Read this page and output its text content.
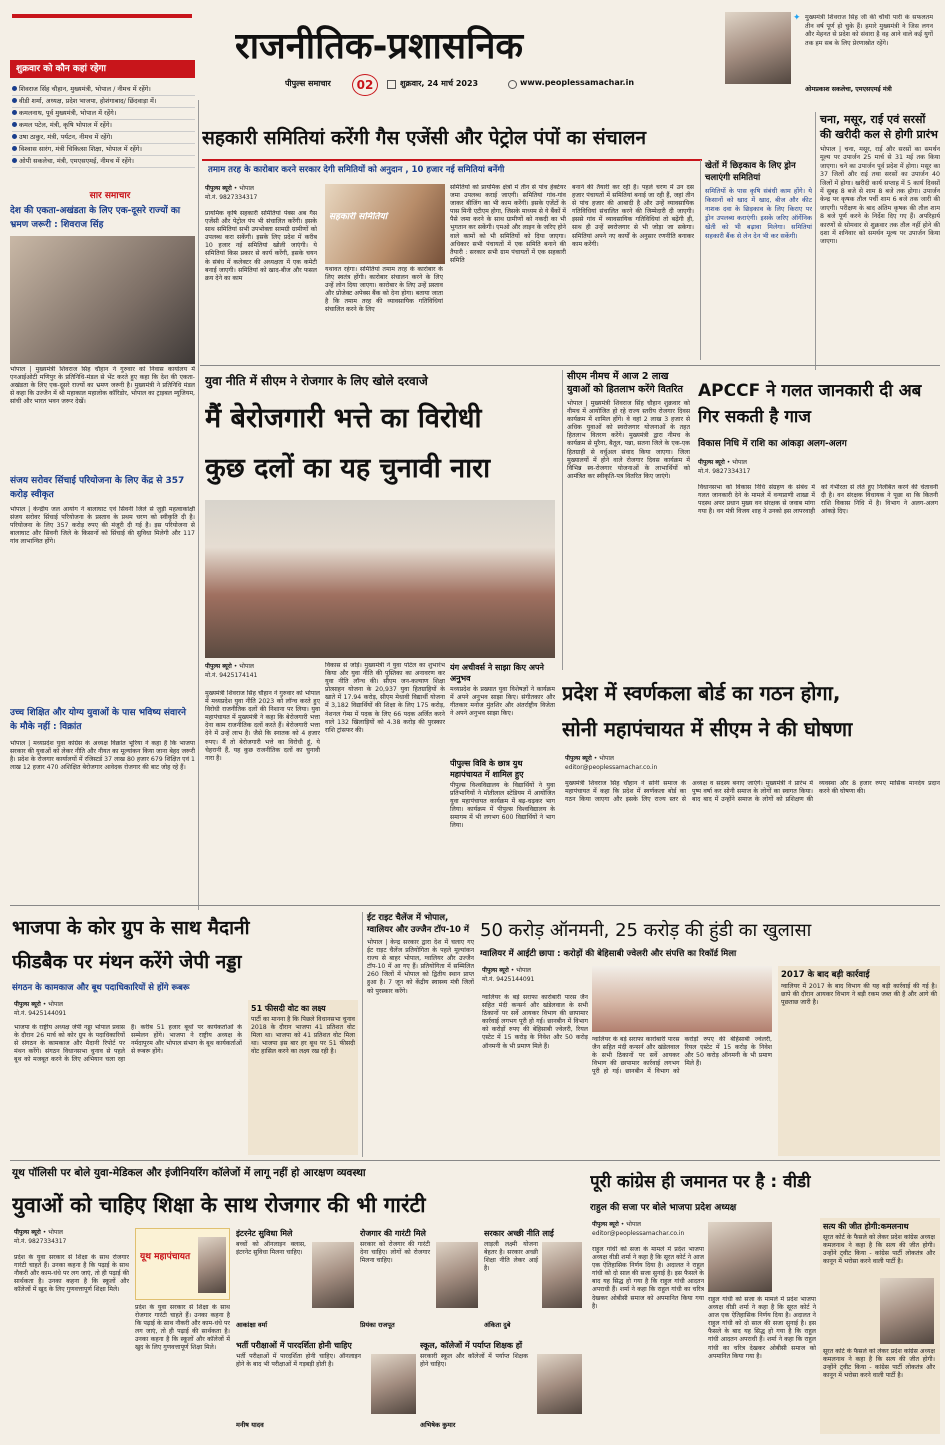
राजनीतिक-प्रशासनिक
पीपुल्स समाचार	02	शुक्रवार, 24 मार्च 2023	www.peoplessamachar.in
✦ मुख्यमंत्री शिवराज सिंह जी की चौथी पारी के सफलतम तीन वर्ष पूर्ण हो चुके हैं। हमारे मुख्यमंत्री ने जिस लगन और मेहनत से प्रदेश को संवारा है वह आने वाले कई युगों तक हम सब के लिए प्रेरणास्रोत रहेंगे।
ओमप्रकाश सकलेचा, एमएसएमई मंत्री
शुक्रवार को कौन कहां रहेगा
शिवराज सिंह चौहान, मुख्यमंत्री, भोपाल / नीमच में रहेंगे।
वीडी शर्मा, अध्यक्ष, प्रदेश भाजपा, होशंगाबाद/ छिंदवाड़ा में।
कमलनाथ, पूर्व मुख्यमंत्री, भोपाल में रहेंगे।
कमल पटेल, मंत्री, कृषि भोपाल में रहेंगे।
उषा ठाकुर, मंत्री, पर्यटन, नीमच में रहेंगे।
विश्वास सारंग, मंत्री चिकित्सा शिक्षा, भोपाल में रहेंगे।
ओपी सकलेचा, मंत्री, एमएसएमई, नीमच में रहेंगे।
सार समाचार
देश की एकता-अखंडता के लिए एक-दूसरे राज्यों का भ्रमण जरूरी : शिवराज सिंह
भोपाल | मुख्यमंत्री शिवराज सिंह चौहान ने गुरुवार को निवास कार्यालय में एनआईओटी मणिपुर के प्रतिनिधि-मंडल से भेंट करते हुए कहा कि देश की एकता-अखंडता के लिए एक-दूसरे राज्यों का भ्रमण जरूरी है। मुख्यमंत्री ने प्रतिनिधि मंडल से कहा कि उज्जैन में श्री महाकाल महालोक कॉरिडोर, भोपाल का ट्राइबल म्यूजियम, सांची और भारत भवन जरूर देखें।
संजय सरोवर सिंचाई परियोजना के लिए केंद्र से 357 करोड़ स्वीकृत
भोपाल | केन्द्रीय जल आयोग ने बालाघाट एवं सिवनी जिले से जुड़ी महत्वाकांक्षी संजय सरोवर सिंचाई परियोजना के प्रस्ताव के प्रथम चरण को स्वीकृति दी है। परियोजना के लिए 357 करोड़ रुपए की मंजूरी दी गई है। इस परियोजना से बालाघाट और सिवनी जिले के किसानों को सिंचाई की सुविधा मिलेगी और 117 गांव लाभान्वित होंगे।
उच्च शिक्षित और योग्य युवाओं के पास भविष्य संवारने के मौके नहीं : विक्रांत
भोपाल | मध्यप्रदेश युवा कांग्रेस के अध्यक्ष विक्रांत भूरिया ने कहा है कि भाजपा सरकार की युवाओं को लेकर नीति और नीयत का मूल्यांकन किया जाना बेहद जरूरी है। प्रदेश के रोजगार कार्यालयों में रजिस्टर्ड 37 लाख 80 हजार 679 शिक्षित एवं 1 लाख 12 हजार 470 अशिक्षित बेरोजगार आवेदक रोजगार की बाट जोह रहे हैं।
सहकारी समितियां करेंगी गैस एजेंसी और पेट्रोल पंपों का संचालन
तमाम तरह के कारोबार करने सरकार देगी समितियों को अनुदान , 10 हजार नई समितियां बनेंगी
पीपुल्स ब्यूरो • भोपाल
मो.नं. 9827334317
सहकारी समितियां
प्रायमिक कृषि सहकारी समितियां पेक्स अब गैस एजेंसी और पेट्रोल पंप भी संचालित करेंगी। इसके साथ समितियां सभी उपभोक्ता सामग्री ग्रामीणों को उपलब्ध करा सकेंगी। इसके लिए प्रदेश में करीब 10 हजार नई समितियां खोली जाएंगी। ये समितियां किस प्रकार से कार्य करेंगी, इसके चयन के संबंध में कलेक्टर की अध्यक्षता में एक कमेटी बनाई जाएगी। समितियां को खाद-बीज और फसल क्रय देने का काम
यथावत रहेगा। समितियां तमाम तरह के कारोबार के लिए स्वतंत्र होंगी। कारोबार संचालन करने के लिए उन्हें लोन दिया जाएगा। कारोबार के लिए उन्हें प्रस्ताव और प्रोजेक्ट अपेक्स बैंक को देना होगा। बताया जाता है कि तमाम तरह की व्यावसायिक गतिविधियां संचालित करने के लिए
समितियों को प्रायमिक क्षेत्रों में तीन से पांच हेक्टेयर जमा उपलब्ध कराई जाएगी। समितियां गांव-गांव जाकर बीजिंग का भी काम करेंगी। इसके एजेंटों के पास मिनी एटीएम होगा, जिसके माध्यम से ये बैंकों में पैसे जमा करने के साथ ग्रामीणों को नकदी का भी भुगतान कर सकेंगी। एमओ और लाइन के जरिए होने वाले कामों को भी समितियों को दिया जाएगा। अधिकार सभी पंचायतों में एक समिति बनाने की तैयारी : सरकार सभी ग्राम पंचायतों में एक सहकारी समिति
बनाने की तैयारी कर रही है। पहले चरण में उन दस हजार पंचायतों में समितियां बनाई जा रही हैं, जहां तीन से पांच हजार की आबादी है और उन्हें व्यावसायिक गतिविधियां संचालित करने की जिम्मेदारी दी जाएगी। इससे गांव में व्यावसायिक गतिविधियां तो बढ़ेंगी ही, साथ ही उन्हें स्वरोजगार से भी जोड़ा जा सकेगा। समितियां अपने नए कार्यों के अनुसार रणनीति बनाकर काम करेंगी।
खेतों में छिड़काव के लिए ड्रोन चलाएंगी समितियां
समितियों के पास कृषि संबंधी काम होंगे। ये किसानों को खाद में खाद, बीज और कीट नाशक दवा के छिड़काव के लिए किराए पर ड्रोन उपलब्ध कराएंगी। इसके जरिए ऑर्गेनिक खेती को भी बढ़ावा मिलेगा। समितियां सहकारी बैंक से लेन देन भी कर सकेंगी।
चना, मसूर, राई एवं सरसों की खरीदी कल से होगी प्रारंभ
भोपाल | चना, मसूर, राई और सरसों का समर्थन मूल्य पर उपार्जन 25 मार्च से 31 मई तक किया जाएगा। चने का उपार्जन पूर्व प्रदेश में होगा। मसूर का 37 जिलों और राई तथा सरसों का उपार्जन 40 जिलों में होगा। खरीदी कार्य सप्ताह में 5 कार्य दिवसों में सुबह 8 बजे से शाम 8 बजे तक होगा। उपार्जन केन्द्र पर कृषक तौल पर्ची शाम 6 बजे तक जारी की जाएगी। परीक्षण के बाद अंतिम कृषक की तौल शाम 8 बजे पूर्ण करने के निर्देश दिए गए हैं। अपरिहार्य कारणों से सोमवार से शुक्रवार तक तौल नहीं होने की दशा में शनिवार को समर्थन मूल्य पर उपार्जन किया जाएगा।
युवा नीति में सीएम ने रोजगार के लिए खोले दरवाजे
मैं बेरोजगारी भत्ते का विरोधी
कुछ दलों का यह चुनावी नारा
यंग अचीवर्स ने साझा किए अपने अनुभव
मध्यप्रदेश के प्रख्यात युवा विशेषज्ञों ने कार्यक्रम में अपने अनुभव साझा किए। संगीतकार और गीतकार मनोज मुंतशिर और अंतर्राष्ट्रीय विजेता ने अपने अनुभव साझा किए।
पीपुल्स ब्यूरो • भोपाल
मो.नं. 9425174141
मुख्यमंत्री शिवराज सिंह चौहान ने गुरुवार को भोपाल में मध्यप्रदेश युवा नीति 2023 को लॉन्च करते हुए विरोधी राजनीतिक दलों की निशाना पर लिया। युवा महापंचायत में मुख्यमंत्री ने कहा कि बेरोजगारी भत्ता देना काम राजनीतिक दलों करते हैं। बेरोजगारी भत्ता देने में उन्हें लाभ है। जैसे कि स्नातक को 4 हजार रुपए। मैं तो बेरोजगारी भत्ते का विरोधी हूं, ये चेहरानी हैं, यह कुछ राजनीतिक दलों का चुनावी नारा है।
विकास से जोड़ें। मुख्यमंत्री ने युवा पोर्टल का शुभारंभ किया और युवा नीति की पुस्तिका का अनावरण कर युवा नीति लॉन्च की। सीएम जन-कल्याण शिक्षा प्रोत्साहन योजना के 20,937 युवा हितग्राहियों के खाते में 17.94 करोड़, सीएम मेधावी विद्यार्थी योजना में 3,182 विद्यार्थियों की शिक्षा के लिए 175 करोड़, नेशनल गेम्स में पदक के लिए 66 पदक अर्जित करने वाले 132 खिलाड़ियों को 4.38 करोड़ की पुरस्कार राशि ट्रांसफर की।
पीपुल्स विवि के छात्र युथ महापंचायत में शामिल हुए
पीपुल्स विश्वविद्यालय के विद्यार्थियों ने युवा प्रतिभागियों ने मोतीलाल स्टेडियम में आयोजित युवा महापंचायत कार्यक्रम में बढ़-चढ़कर भाग लिया। कार्यक्रम में पीपुल्स विश्वविद्यालय के समागम में भी लगभग 600 विद्यार्थियों ने भाग लिया।
सीएम नीमच में आज 2 लाख युवाओं को हितलाभ करेंगे वितरित
भोपाल | मुख्यमंत्री शिवराज सिंह चौहान शुक्रवार को नीमच में आयोजित हो रहे राज्य स्तरीय रोजगार दिवस कार्यक्रम में शामिल होंगे। वे वहां 2 लाख 3 हजार से अधिक युवाओं को स्वरोजगार योजनाओं के तहत हितलाभ वितरण करेंगे। मुख्यमंत्री द्वारा नीमच के कार्यक्रम से मुरैना, बैतूल, पन्ना, सतना जिले के एक-एक हितग्राही से वर्चुअल संवाद किया जाएगा। जिला मुख्यालयों में होने वाले रोजगार दिवस कार्यक्रम में विभिन्न स्व-रोजगार योजनाओं के लाभार्थियों को आमंत्रित कर स्वीकृति-पत्र वितरित किए जाएंगे।
APCCF ने गलत जानकारी दी अब गिर सकती है गाज
विकास निधि में राशि का आंकड़ा अलग-अलग
पीपुल्स ब्यूरो • भोपाल
मो.नं. 9827334317
विधानसभा को विकास निधि संग्रहण के संबंध में गलत जानकारी देने के मामले में वन्यप्राणी शाखा में पदस्थ अपर प्रधान मुख्य वन संरक्षक से जवाब मांगा गया है। वन मंत्री विजय शाह ने उनको इस लापरवाही को गंभीरता से लेते हुए निलंबित करने की चेतावनी दी है। वन संरक्षक विधायक ने पूछा था कि कितनी राशि विकास निधि में है। विभाग ने अलग-अलग आंकड़े दिए।
प्रदेश में स्वर्णकला बोर्ड का गठन होगा,
सोनी महापंचायत में सीएम ने की घोषणा
पीपुल्स ब्यूरो • भोपाल
editor@peoplessamachar.co.in
मुख्यमंत्री शिवराज सिंह चौहान ने सोनी समाज के महापंचायत में कहा कि प्रदेश में स्वर्णकला बोर्ड का गठन किया जाएगा और इसके लिए राज्य स्तर से अध्यक्ष व सदस्य बनाए जाएंगे। मुख्यमंत्री ने प्रारंभ में पुष्प वर्षा कर सोनी समाज के लोगों का स्वागत किया। बाद बाद में उन्होंने समाज के लोगों को प्रशिक्षण की व्यवस्था और 8 हजार रुपए मासिक मानदेय प्रदान करने की घोषणा की।
भाजपा के कोर ग्रुप के साथ मैदानी
फीडबैक पर मंथन करेंगे जेपी नड्डा
संगठन के कामकाज और बूथ पदाधिकारियों से होंगे रूबरू
पीपुल्स ब्यूरो • भोपाल
मो.नं. 9425144091
भाजपा के राष्ट्रीय अध्यक्ष जेपी नड्डा भोपाल प्रवास के दौरान 26 मार्च को कोर ग्रुप के पदाधिकारियों से संगठन के कामकाज और मैदानी रिपोर्ट पर मंथन करेंगे। संगठन विधानसभा चुनाव से पहले बूथ को मजबूत करने के लिए अभियान चला रहा है। करीब 51 हजार बूथों पर कार्यकर्ताओं के सम्मेलन होंगे। भाजपा ने राष्ट्रीय अध्यक्ष के नर्मदापुरम और भोपाल संभाग के बूथ कार्यकर्ताओं से रूबरू होंगे।
51 फीसदी वोट का लक्ष्य
पार्टी का मानना है कि पिछले विधानसभा चुनाव 2018 के दौरान भाजपा 41 प्रतिशत वोट मिला था। भाजपा को 41 प्रतिशत वोट मिला था। भाजपा इस बार हर बूथ पर 51 फीसदी वोट हासिल करने का लक्ष्य रख रही है।
ईट राइट चैलेंज में भोपाल, ग्वालियर और उज्जैन टॉप-10 में
भोपाल | केन्द्र सरकार द्वारा देश में चलाए गए ईट राइट चैलेंज प्रतियोगिता के पहले मूल्यांकन राज्य से बाहर भोपाल, ग्वालियर और उज्जैन टॉप-10 में आ गए हैं। प्रतियोगिता में सम्मिलित 260 जिलों में भोपाल को द्वितीय स्थान प्राप्त हुआ है। 7 जून को केंद्रीय स्वास्थ्य मंत्री जिलों को पुरस्कार करेंगे।
50 करोड़ ऑनमनी, 25 करोड़ की हुंडी का खुलासा
ग्वालियर में आईटी छापा : करोड़ों की बेहिसाबी ज्वेलरी और संपत्ति का रिकॉर्ड मिला
पीपुल्स ब्यूरो • भोपाल
मो.नं. 9425144091
ग्वालियर के बड़े सराफा कारोबारी पारस जैन सहित मंदी कन्सर्न और खंडेलवाल के सभी ठिकानों पर सर्वे आयकर विभाग की छापामार कार्रवाई लगभग पूरी हो गई। छानबीन में विभाग को करोड़ों रुपए की बेहिसाबी ज्वेलरी, रियल एस्टेट में 15 करोड़ के निवेश और 50 करोड़ ऑनमनी के भी प्रमाण मिले हैं।
ग्वालियर के बड़े सराफा कारोबारी पारस जैन सहित मंदी कन्सर्न और खंडेलवाल के सभी ठिकानों पर सर्वे आयकर विभाग की छापामार कार्रवाई लगभग पूरी हो गई। छानबीन में विभाग को करोड़ों रुपए की बेहिसाबी ज्वेलरी, रियल एस्टेट में 15 करोड़ के निवेश और 50 करोड़ ऑनमनी के भी प्रमाण मिले हैं।
2017 के बाद बड़ी कार्रवाई
ग्वालियर में 2017 के बाद विभाग की यह बड़ी कार्रवाई की गई है। छापे की दौरान आयकर विभाग ने बड़ी रकम जब्त की है और आगे की पूछताछ जारी है।
यूथ पॉलिसी पर बोले युवा-मेडिकल और इंजीनियरिंग कॉलेजों में लागू नहीं हो आरक्षण व्यवस्था
युवाओं को चाहिए शिक्षा के साथ रोजगार की भी गारंटी
पीपुल्स ब्यूरो • भोपाल
मो.नं. 9827334317
प्रदेश के युवा सरकार से शिक्षा के साथ रोजगार गारंटी चाहते हैं। उनका कहना है कि पढ़ाई के साथ नौकरी और काम-धंधे पर लग जाएं, तो ही पढ़ाई की सार्थकता है। उनका कहना है कि स्कूलों और कॉलेजों में खुद के लिए गुणवत्तापूर्ण शिक्षा मिले।
यूथ महापंचायत
प्रदेश के युवा सरकार से शिक्षा के साथ रोजगार गारंटी चाहते हैं। उनका कहना है कि पढ़ाई के साथ नौकरी और काम-धंधे पर लग जाएं, तो ही पढ़ाई की सार्थकता है। उनका कहना है कि स्कूलों और कॉलेजों में खुद के लिए गुणवत्तापूर्ण शिक्षा मिले।
इंटरनेट सुविधा मिले
बच्चों को ऑनलाइन क्लास, इंटरनेट सुविधा मिलना चाहिए।
आकांक्षा वर्मा
रोजगार की गारंटी मिले
सरकार को रोजगार की गारंटी देना चाहिए। लोगों को रोजगार मिलना चाहिए।
प्रियंका राजपूत
सरकार अच्छी नीति लाई
लाड़ली लक्ष्मी योजना बेहतर है। सरकार अच्छी शिक्षा नीति लेकर आई है।
अंकिता दुबे
भर्ती परीक्षाओं में पारदर्शिता होनी चाहिए
भर्ती परीक्षाओं में पारदर्शिता होनी चाहिए। ऑनलाइन होने के बाद भी परीक्षाओं में गड़बड़ी होती है।
मनीष यादव
स्कूल, कॉलेजों में पर्याप्त शिक्षक हों
सरकारी स्कूल और कॉलेजों में पर्याप्त शिक्षक होने चाहिए।
अभिषेक कुमार
पूरी कांग्रेस ही जमानत पर है : वीडी
राहुल की सजा पर बोले भाजपा प्रदेश अध्यक्ष
पीपुल्स ब्यूरो • भोपाल
editor@peoplessamachar.co.in
राहुल गांधी को सजा के मामले में प्रदेश भाजपा अध्यक्ष वीडी शर्मा ने कहा है कि सूरत कोर्ट ने आज एक ऐतिहासिक निर्णय दिया है। अदालत ने राहुल गांधी को दो साल की सजा सुनाई है। इस फैसले के बाद यह सिद्ध हो गया है कि राहुल गांधी आदतन अपराधी हैं। शर्मा ने कहा कि राहुल गांधी का चरित्र देखकर ओबीसी समाज को अपमानित किया गया है।
राहुल गांधी को सजा के मामले में प्रदेश भाजपा अध्यक्ष वीडी शर्मा ने कहा है कि सूरत कोर्ट ने आज एक ऐतिहासिक निर्णय दिया है। अदालत ने राहुल गांधी को दो साल की सजा सुनाई है। इस फैसले के बाद यह सिद्ध हो गया है कि राहुल गांधी आदतन अपराधी हैं। शर्मा ने कहा कि राहुल गांधी का चरित्र देखकर ओबीसी समाज को अपमानित किया गया है।
सत्य की जीत होगी:कमलनाथ
सूरत कोर्ट के फैसले को लेकर प्रदेश कांग्रेस अध्यक्ष कमलनाथ ने कहा है कि सत्य की जीत होगी। उन्होंने ट्वीट किया - कांग्रेस पार्टी लोकतंत्र और कानून में भरोसा करने वाली पार्टी है।
सूरत कोर्ट के फैसले को लेकर प्रदेश कांग्रेस अध्यक्ष कमलनाथ ने कहा है कि सत्य की जीत होगी। उन्होंने ट्वीट किया - कांग्रेस पार्टी लोकतंत्र और कानून में भरोसा करने वाली पार्टी है।
